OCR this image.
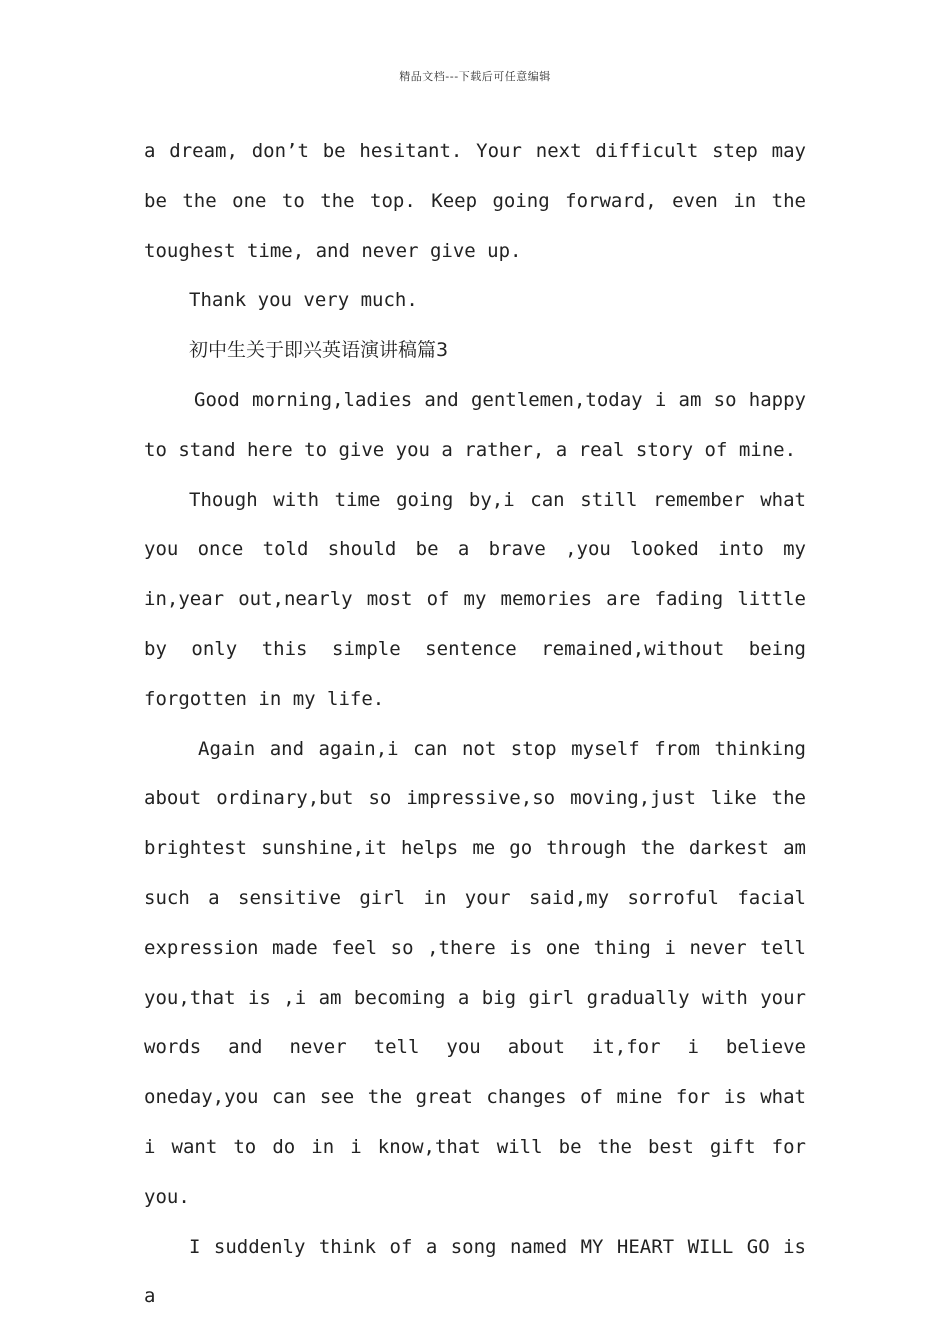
精品文档---下载后可任意编辑

a dream, don’t be hesitant. Your next difficult step may be the one to the top. Keep going forward, even in the toughest time, and never give up.

Thank you very much.

初中生关于即兴英语演讲稿篇3

Good morning,ladies and gentlemen,today i am so happy to stand here to give you a rather, a real story of mine.

Though with time going by,i can still remember what you once told should be a brave ,you looked into my in,year out,nearly most of my memories are fading little by only this simple sentence remained,without being forgotten in my life.

Again and again,i can not stop myself from thinking about ordinary,but so impressive,so moving,just like the brightest sunshine,it helps me go through the darkest am such a sensitive girl in your said,my sorroful facial expression made feel so ,there is one thing i never tell you,that is ,i am becoming a big girl gradually with your words and never tell you about it,for i believe oneday,you can see the great changes of mine for is what i want to do in i know,that will be the best gift for you.

I suddenly think of a song named MY HEART WILL GO is a
